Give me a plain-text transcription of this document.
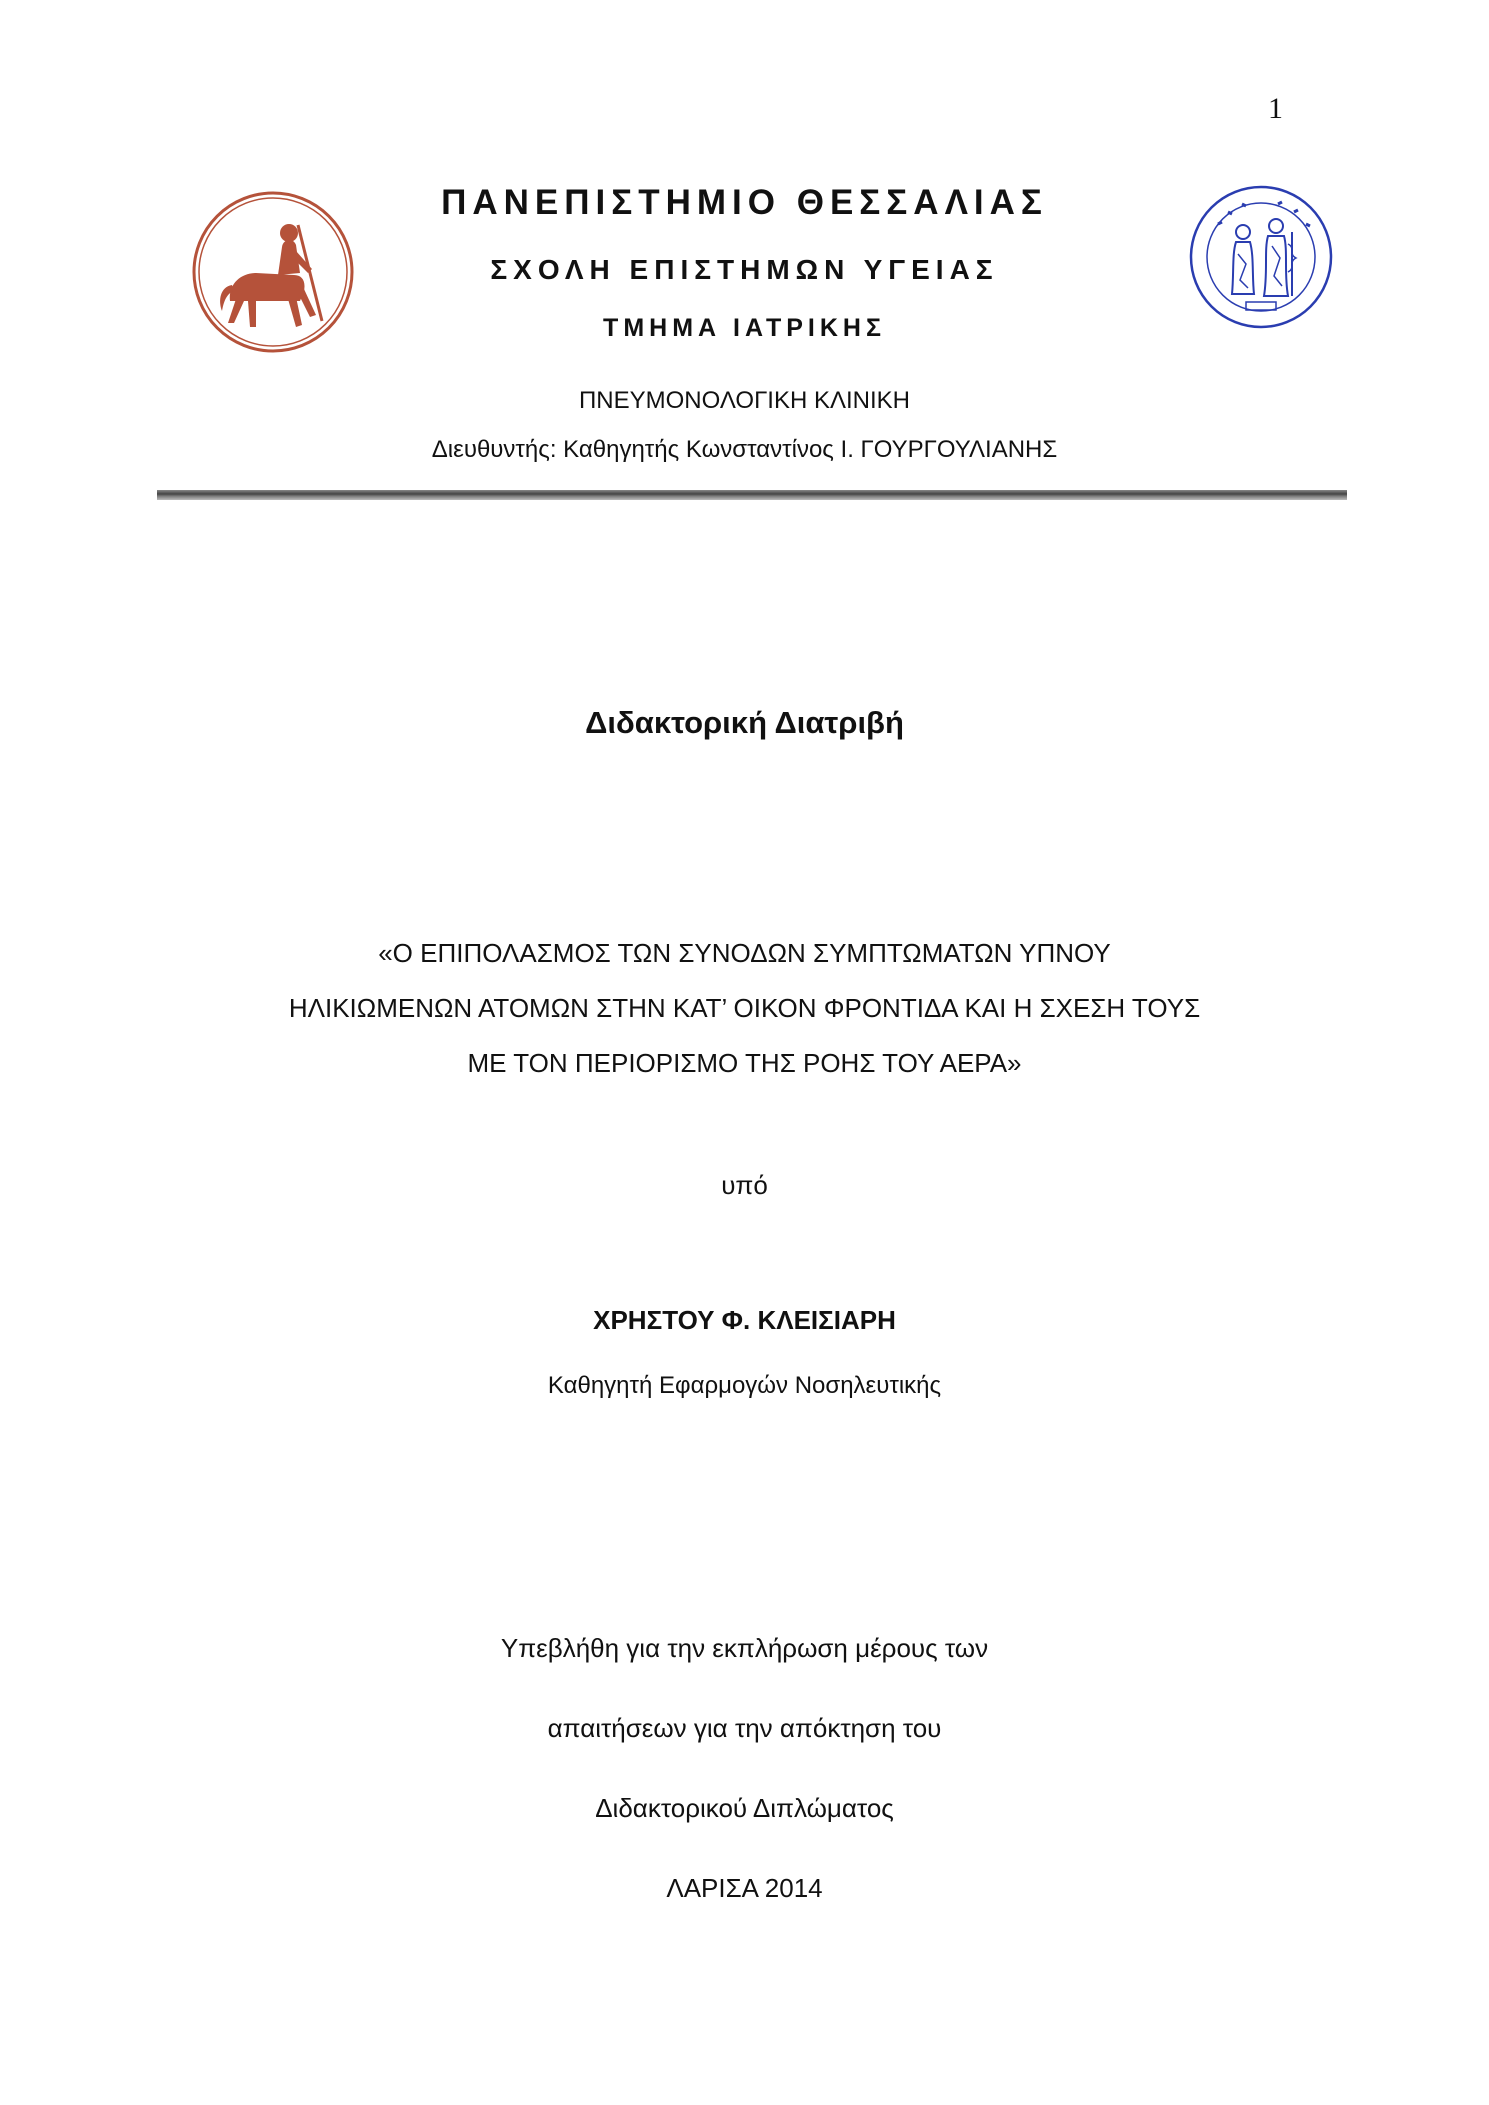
1
ΠΑΝΕΠΙΣΤΗΜΙΟ ΘΕΣΣΑΛΙΑΣ
ΣΧΟΛΗ ΕΠΙΣΤΗΜΩΝ ΥΓΕΙΑΣ
ΤΜΗΜΑ ΙΑΤΡΙΚΗΣ
ΠΝΕΥΜΟΝΟΛΟΓΙΚΗ ΚΛΙΝΙΚΗ
Διευθυντής: Καθηγητής Κωνσταντίνος Ι. ΓΟΥΡΓΟΥΛΙΑΝΗΣ
Διδακτορική Διατριβή
«Ο ΕΠΙΠΟΛΑΣΜΟΣ ΤΩΝ ΣΥΝΟΔΩΝ ΣΥΜΠΤΩΜΑΤΩΝ ΥΠΝΟΥ
ΗΛΙΚΙΩΜΕΝΩΝ ΑΤΟΜΩΝ ΣΤΗΝ ΚΑΤ’ ΟΙΚΟΝ ΦΡΟΝΤΙΔΑ ΚΑΙ Η ΣΧΕΣΗ ΤΟΥΣ
ΜΕ ΤΟΝ ΠΕΡΙΟΡΙΣΜΟ ΤΗΣ ΡΟΗΣ ΤΟΥ ΑΕΡΑ»
υπό
ΧΡΗΣΤΟΥ Φ. ΚΛΕΙΣΙΑΡΗ
Καθηγητή Εφαρμογών Νοσηλευτικής
Υπεβλήθη για την εκπλήρωση μέρους των
απαιτήσεων για την απόκτηση του
Διδακτορικού Διπλώματος
ΛΑΡΙΣΑ 2014
